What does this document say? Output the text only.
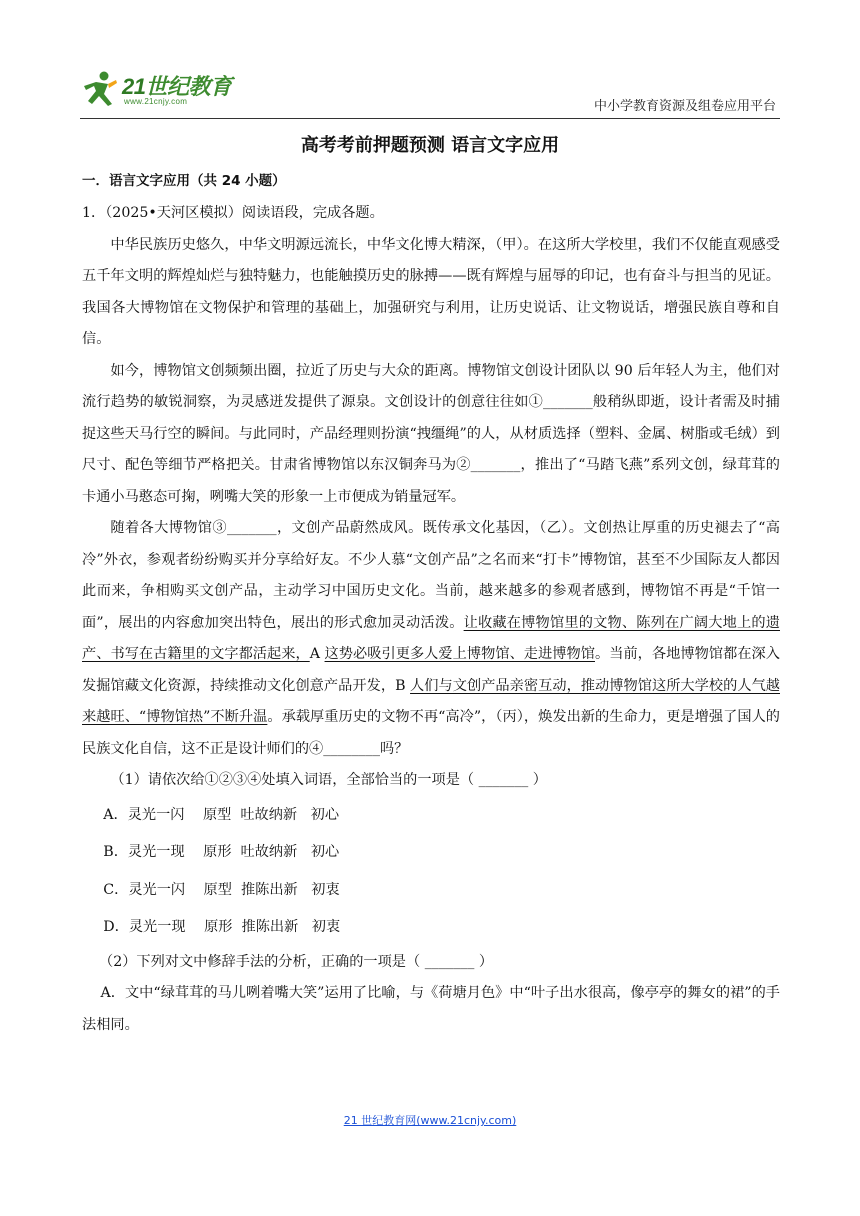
21世纪教育
www.21cnjy.com	中小学教育资源及组卷应用平台
高考考前押题预测 语言文字应用

一．语言文字应用（共 24 小题）

1．（2025•天河区模拟）阅读语段，完成各题。

中华民族历史悠久，中华文明源远流长，中华文化博大精深，（甲）。在这所大学校里，我们不仅能直观感受五千年文明的辉煌灿烂与独特魅力，也能触摸历史的脉搏——既有辉煌与屈辱的印记，也有奋斗与担当的见证。我国各大博物馆在文物保护和管理的基础上，加强研究与利用，让历史说话、让文物说话，增强民族自尊和自信。

如今，博物馆文创频频出圈，拉近了历史与大众的距离。博物馆文创设计团队以 90 后年轻人为主，他们对流行趋势的敏锐洞察，为灵感迸发提供了源泉。文创设计的创意往往如①_______般稍纵即逝，设计者需及时捕捉这些天马行空的瞬间。与此同时，产品经理则扮演“拽缰绳”的人，从材质选择（塑料、金属、树脂或毛绒）到尺寸、配色等细节严格把关。甘肃省博物馆以东汉铜奔马为②_______，推出了“马踏飞燕”系列文创，绿茸茸的卡通小马憨态可掬，咧嘴大笑的形象一上市便成为销量冠军。

随着各大博物馆③_______，文创产品蔚然成风。既传承文化基因，（乙）。文创热让厚重的历史褪去了“高冷”外衣，参观者纷纷购买并分享给好友。不少人慕“文创产品”之名而来“打卡”博物馆，甚至不少国际友人都因此而来，争相购买文创产品，主动学习中国历史文化。当前，越来越多的参观者感到，博物馆不再是“千馆一面”，展出的内容愈加突出特色，展出的形式愈加灵动活泼。让收藏在博物馆里的文物、陈列在广阔大地上的遗产、书写在古籍里的文字都活起来，A 这势必吸引更多人爱上博物馆、走进博物馆。当前，各地博物馆都在深入发掘馆藏文化资源，持续推动文化创意产品开发，B 人们与文创产品亲密互动，推动博物馆这所大学校的人气越来越旺、“博物馆热”不断升温。承载厚重历史的文物不再“高冷”，（丙），焕发出新的生命力，更是增强了国人的民族文化自信，这不正是设计师们的④________吗？

（1）请依次给①②③④处填入词语，全部恰当的一项是（ _______ ）

A．灵光一闪 原型 吐故纳新 初心

B．灵光一现 原形 吐故纳新 初心

C．灵光一闪 原型 推陈出新 初衷

D．灵光一现 原形 推陈出新 初衷

（2）下列对文中修辞手法的分析，正确的一项是（ _______ ）

A．文中“绿茸茸的马儿咧着嘴大笑”运用了比喻，与《荷塘月色》中“叶子出水很高，像亭亭的舞女的裙”的手法相同。

21 世纪教育网(www.21cnjy.com)
